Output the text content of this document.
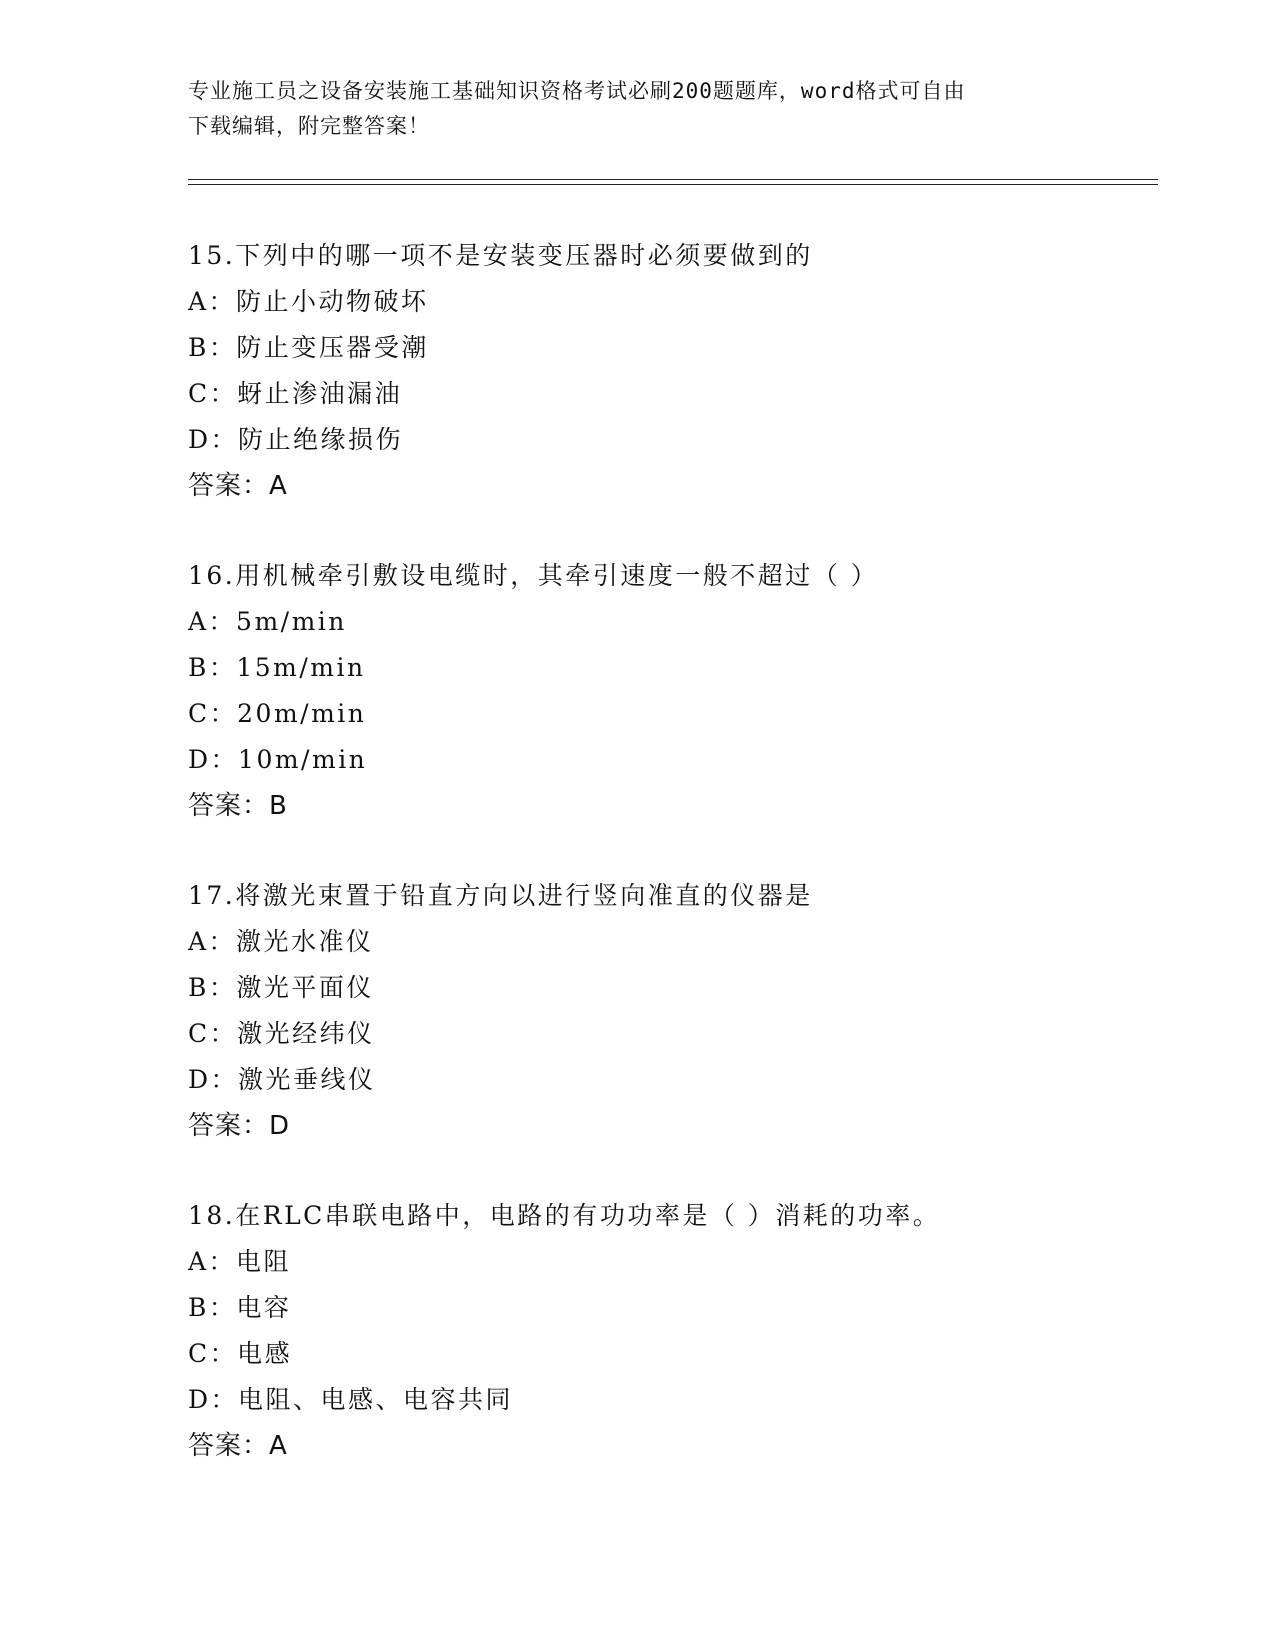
专业施工员之设备安装施工基础知识资格考试必刷200题题库，word格式可自由
下载编辑，附完整答案！
15.下列中的哪一项不是安装变压器时必须要做到的
A：防止小动物破坏
B：防止变压器受潮
C：蚜止渗油漏油
D：防止绝缘损伤
答案：A
16.用机械牵引敷设电缆时，其牵引速度一般不超过（ ）
A：5m/min
B：15m/min
C：20m/min
D：10m/min
答案：B
17.将激光束置于铅直方向以进行竖向准直的仪器是
A：激光水准仪
B：激光平面仪
C：激光经纬仪
D：激光垂线仪
答案：D
18.在RLC串联电路中，电路的有功功率是（ ）消耗的功率。
A：电阻
B：电容
C：电感
D：电阻、电感、电容共同
答案：A
